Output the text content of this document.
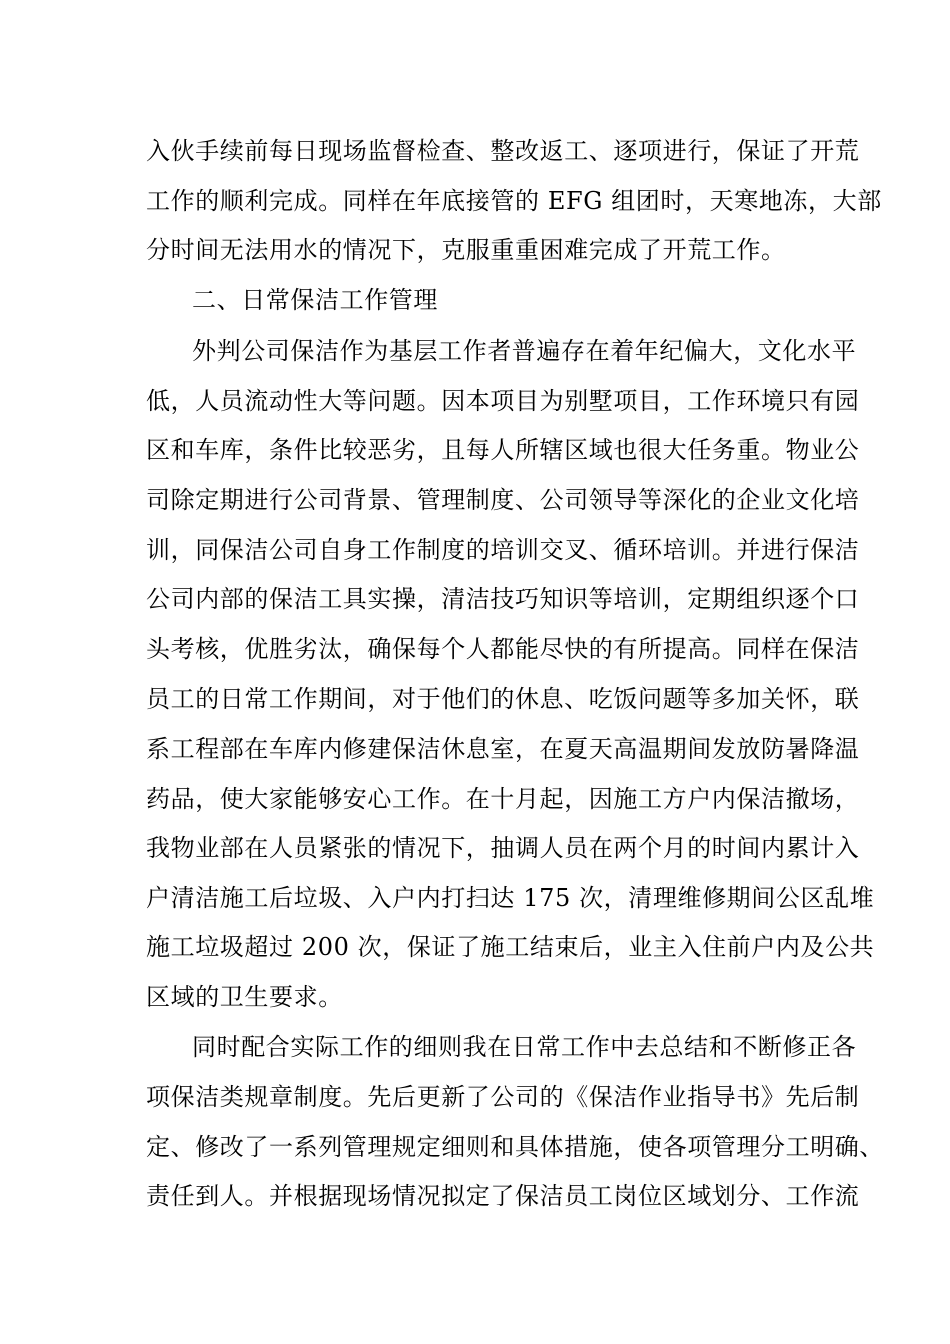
入伙手续前每日现场监督检查、整改返工、逐项进行，保证了开荒
工作的顺利完成。同样在年底接管的 EFG 组团时，天寒地冻，大部
分时间无法用水的情况下，克服重重困难完成了开荒工作。
二、日常保洁工作管理
外判公司保洁作为基层工作者普遍存在着年纪偏大，文化水平
低，人员流动性大等问题。因本项目为别墅项目，工作环境只有园
区和车库，条件比较恶劣，且每人所辖区域也很大任务重。物业公
司除定期进行公司背景、管理制度、公司领导等深化的企业文化培
训，同保洁公司自身工作制度的培训交叉、循环培训。并进行保洁
公司内部的保洁工具实操，清洁技巧知识等培训，定期组织逐个口
头考核，优胜劣汰，确保每个人都能尽快的有所提高。同样在保洁
员工的日常工作期间，对于他们的休息、吃饭问题等多加关怀，联
系工程部在车库内修建保洁休息室，在夏天高温期间发放防暑降温
药品，使大家能够安心工作。在十月起，因施工方户内保洁撤场，
我物业部在人员紧张的情况下，抽调人员在两个月的时间内累计入
户清洁施工后垃圾、入户内打扫达 175 次，清理维修期间公区乱堆
施工垃圾超过 200 次，保证了施工结束后，业主入住前户内及公共
区域的卫生要求。
同时配合实际工作的细则我在日常工作中去总结和不断修正各
项保洁类规章制度。先后更新了公司的《保洁作业指导书》先后制
定、修改了一系列管理规定细则和具体措施，使各项管理分工明确、
责任到人。并根据现场情况拟定了保洁员工岗位区域划分、工作流
